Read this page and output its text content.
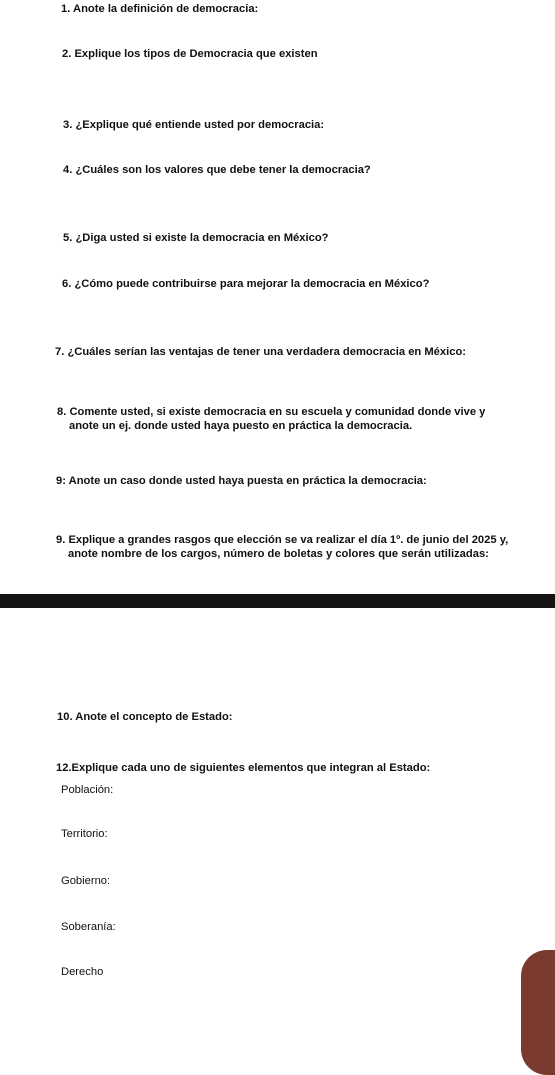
1. Anote la definición de democracia:
2. Explique los tipos de Democracia que existen
3. ¿Explique qué entiende usted por democracia:
4. ¿Cuáles son los valores que debe tener la democracia?
5. ¿Diga usted si existe la democracia en México?
6. ¿Cómo puede contribuirse para mejorar la democracia en México?
7. ¿Cuáles serían las ventajas de tener una verdadera democracia en México:
8. Comente usted, si existe democracia en su escuela y comunidad donde vive y
anote un ej. donde usted haya puesto en práctica la democracia.
9: Anote un caso donde usted haya puesta en práctica la democracia:
9. Explique a grandes rasgos que elección se va realizar el día 1º. de junio del 2025 y,
anote nombre de los cargos, número de boletas y colores que serán utilizadas:
10. Anote el concepto de Estado:
12.Explique cada uno de siguientes elementos que integran al Estado:
Población:
Territorio:
Gobierno:
Soberanía:
Derecho
